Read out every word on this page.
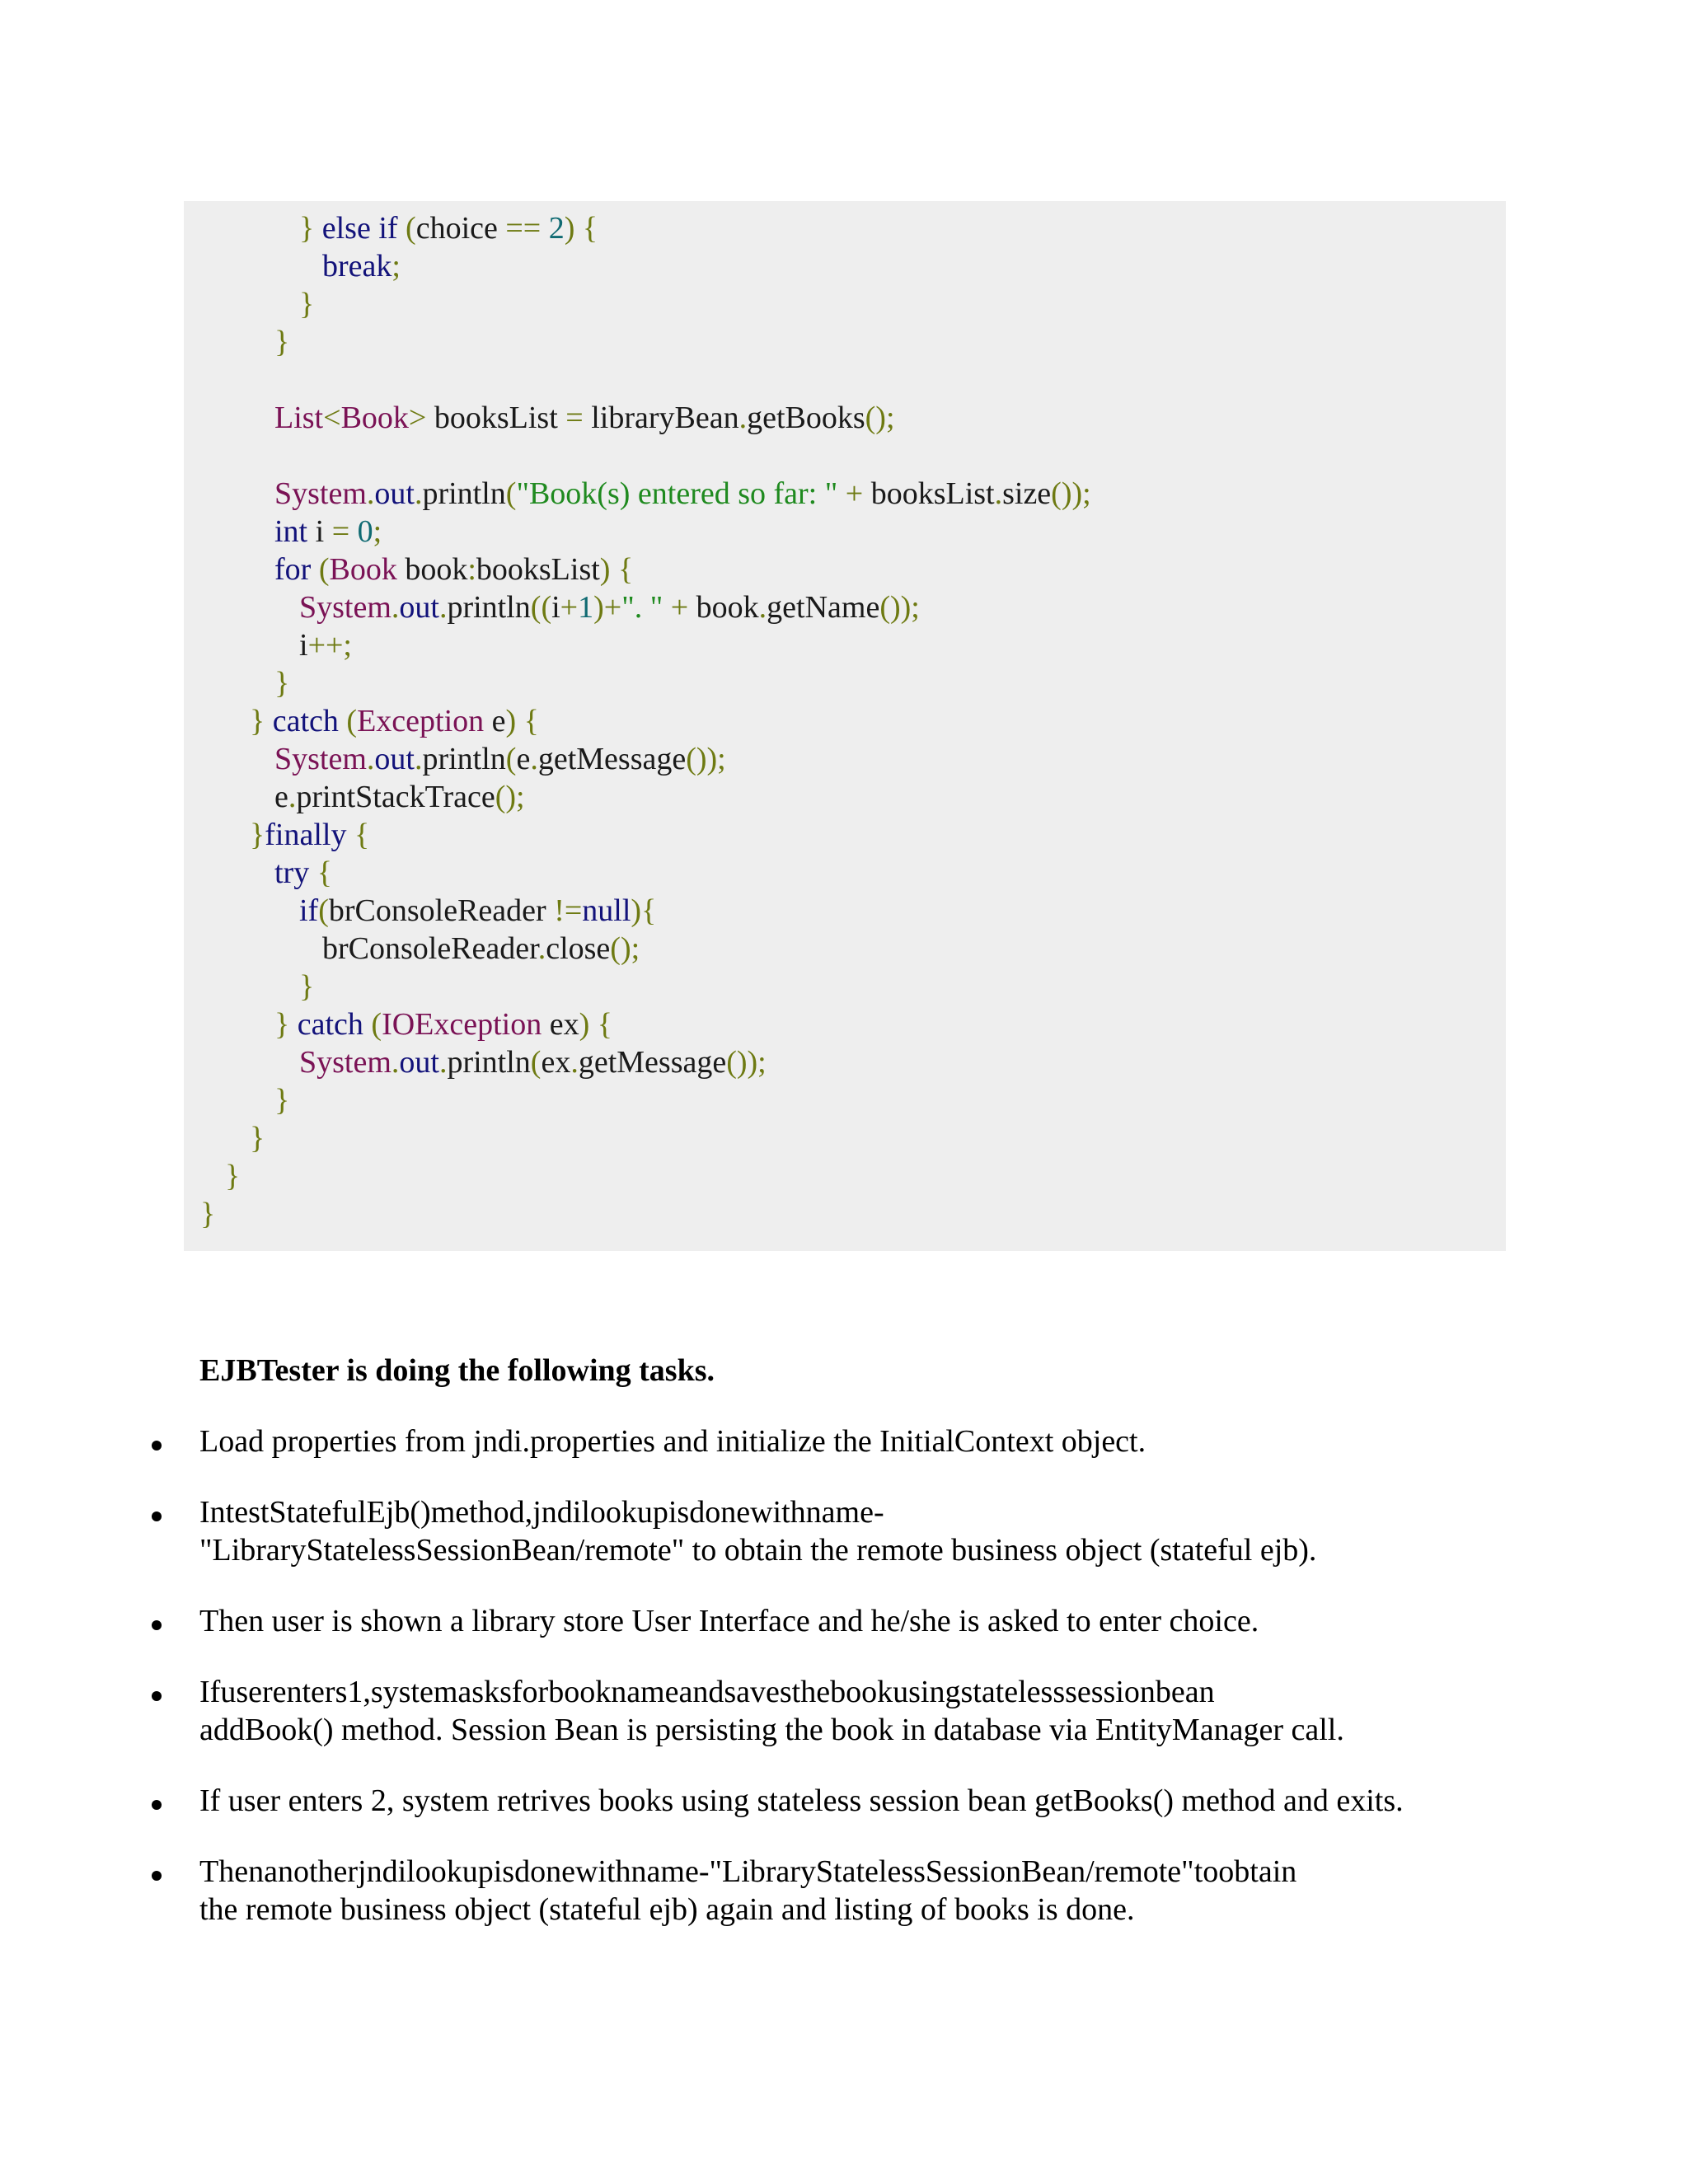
} else if (choice == 2) {
break;
}
}
List<Book> booksList = libraryBean.getBooks();
System.out.println("Book(s) entered so far: " + booksList.size());
int i = 0;
for (Book book:booksList) {
System.out.println((i+1)+". " + book.getName());
i++;
}
} catch (Exception e) {
System.out.println(e.getMessage());
e.printStackTrace();
}finally {
try {
if(brConsoleReader !=null){
brConsoleReader.close();
}
} catch (IOException ex) {
System.out.println(ex.getMessage());
}
}
}
}
EJBTester is doing the following tasks.
Load properties from jndi.properties and initialize the InitialContext object.
IntestStatefulEjb()method,jndilookupisdonewithname-
"LibraryStatelessSessionBean/remote" to obtain the remote business object (stateful ejb).
Then user is shown a library store User Interface and he/she is asked to enter choice.
Ifuserenters1,systemasksforbooknameandsavesthebookusingstatelesssessionbean
addBook() method. Session Bean is persisting the book in database via EntityManager call.
If user enters 2, system retrives books using stateless session bean getBooks() method and exits.
Thenanotherjndilookupisdonewithname-"LibraryStatelessSessionBean/remote"toobtain
the remote business object (stateful ejb) again and listing of books is done.
